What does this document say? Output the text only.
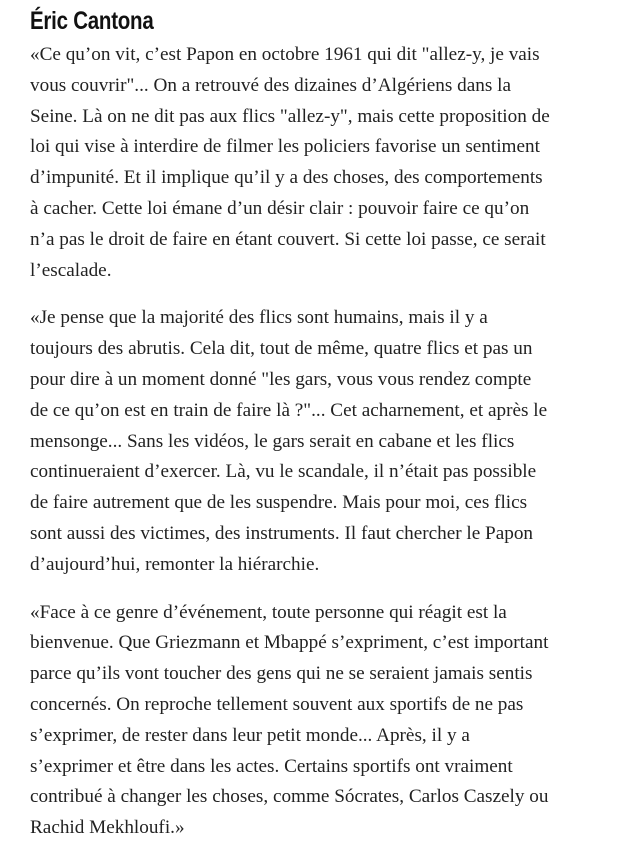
Éric Cantona

«Ce qu’on vit, c’est Papon en octobre 1961 qui dit "allez-y, je vais
vous couvrir"... On a retrouvé des dizaines d’Algériens dans la
Seine. Là on ne dit pas aux flics "allez-y", mais cette proposition de
loi qui vise à interdire de filmer les policiers favorise un sentiment
d’impunité. Et il implique qu’il y a des choses, des comportements
à cacher. Cette loi émane d’un désir clair : pouvoir faire ce qu’on
n’a pas le droit de faire en étant couvert. Si cette loi passe, ce serait
l’escalade.

«Je pense que la majorité des flics sont humains, mais il y a
toujours des abrutis. Cela dit, tout de même, quatre flics et pas un
pour dire à un moment donné "les gars, vous vous rendez compte
de ce qu’on est en train de faire là ?"... Cet acharnement, et après le
mensonge... Sans les vidéos, le gars serait en cabane et les flics
continueraient d’exercer. Là, vu le scandale, il n’était pas possible
de faire autrement que de les suspendre. Mais pour moi, ces flics
sont aussi des victimes, des instruments. Il faut chercher le Papon
d’aujourd’hui, remonter la hiérarchie.

«Face à ce genre d’événement, toute personne qui réagit est la
bienvenue. Que Griezmann et Mbappé s’expriment, c’est important
parce qu’ils vont toucher des gens qui ne se seraient jamais sentis
concernés. On reproche tellement souvent aux sportifs de ne pas
s’exprimer, de rester dans leur petit monde... Après, il y a
s’exprimer et être dans les actes. Certains sportifs ont vraiment
contribué à changer les choses, comme Sócrates, Carlos Caszely ou
Rachid Mekhloufi.»
